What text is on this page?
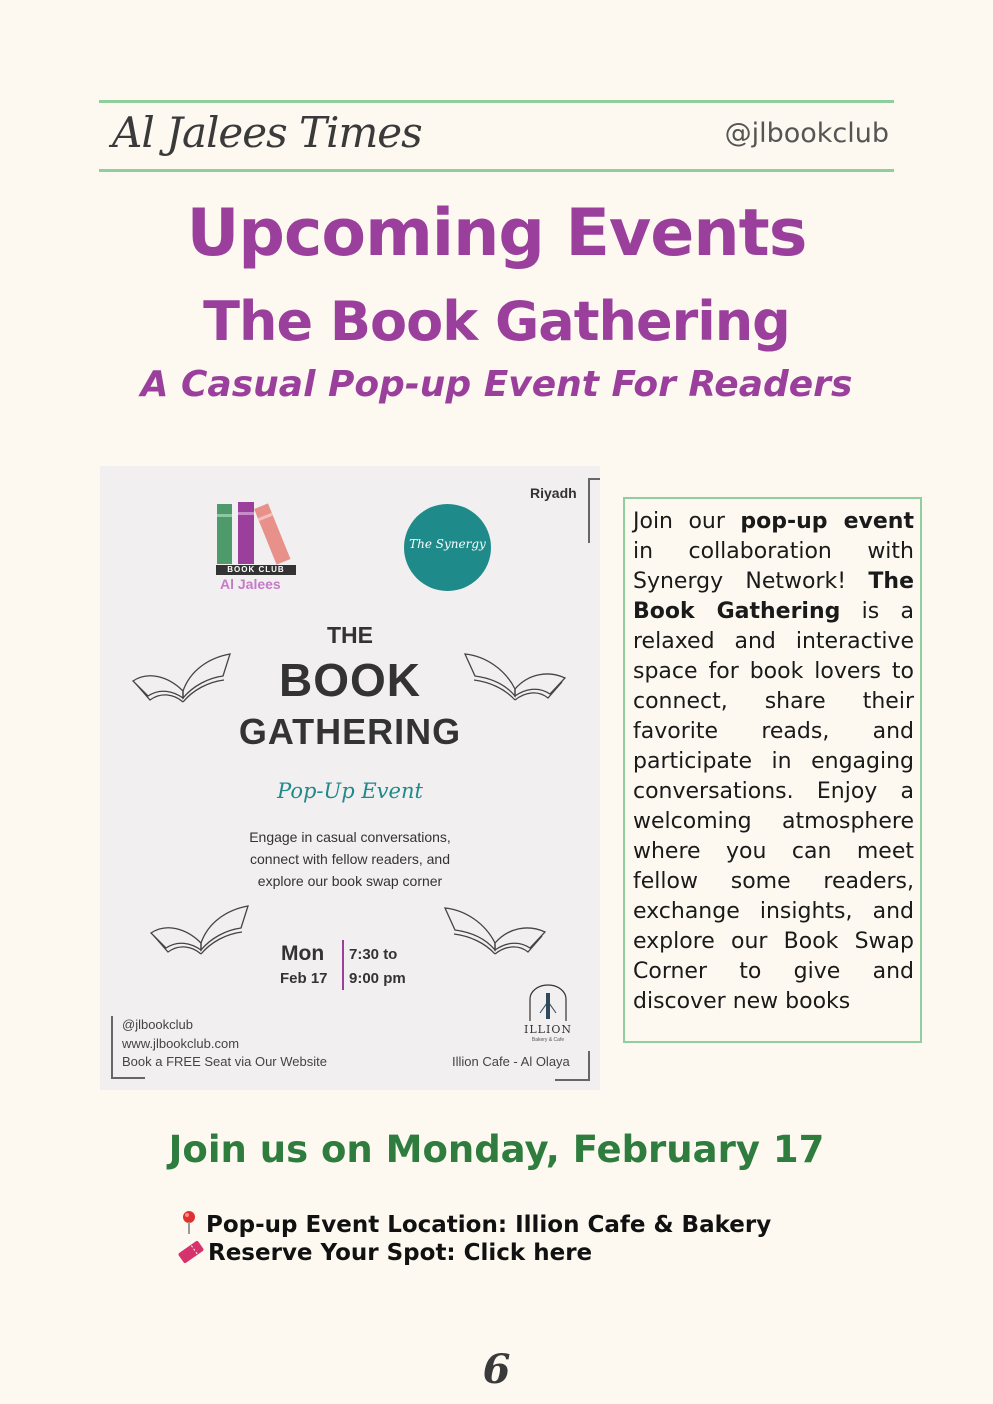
Al Jalees Times	@jlbookclub
Upcoming Events
The Book Gathering
A Casual Pop-up Event For Readers
Riyadh
BOOK CLUB
Al Jalees
The Synergy
THE
BOOK
GATHERING
Pop-Up Event
Engage in casual conversations,
connect with fellow readers, and
explore our book swap corner
Mon
Feb 17
7:30 to
9:00 pm
@jlbookclub
www.jlbookclub.com
Book a FREE Seat via Our Website
ILLION
Bakery & Cafe
Illion Cafe - Al Olaya
Join our pop-up event in collaboration with Synergy Network! The Book Gathering is a relaxed and interactive space for book lovers to connect, share their favorite reads, and participate in engaging conversations. Enjoy a welcoming atmosphere where you can meet fellow some readers, exchange insights, and explore our Book Swap Corner to give and discover new books
Join us on Monday, February 17
Pop-up Event Location: Illion Cafe & Bakery
Reserve Your Spot: Click here
6
